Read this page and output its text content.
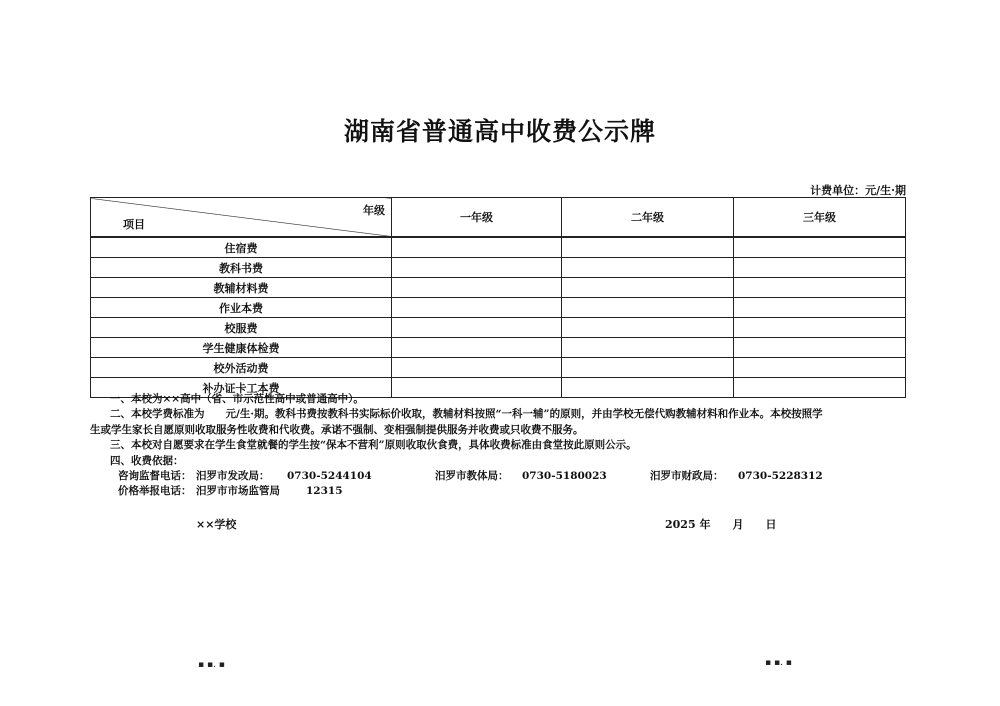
湖南省普通高中收费公示牌
计费单位：元/生·期
年级
项目	一年级	二年级	三年级
住宿费			
教科书费			
教辅材料费			
作业本费			
校服费			
学生健康体检费			
校外活动费			
补办证卡工本费			

一、本校为××高中（省、市示范性高中或普通高中）。

二、本校学费标准为　　元/生·期。教科书费按教科书实际标价收取，教辅材料按照“一科一辅”的原则，并由学校无偿代购教辅材料和作业本。本校按照学

生或学生家长自愿原则收取服务性收费和代收费。承诺不强制、变相强制提供服务并收费或只收费不服务。

三、本校对自愿要求在学生食堂就餐的学生按“保本不营利”原则收取伙食费，具体收费标准由食堂按此原则公示。

四、收费依据：

咨询监督电话： 汨罗市发改局： 0730-5244104	汨罗市教体局： 0730-5180023	汨罗市财政局： 0730-5228312
价格举报电话： 汨罗市市场监管局 12315
××学校	2025 年　　月　　日
▪ ▪. ▪	▪ ▪. ▪
